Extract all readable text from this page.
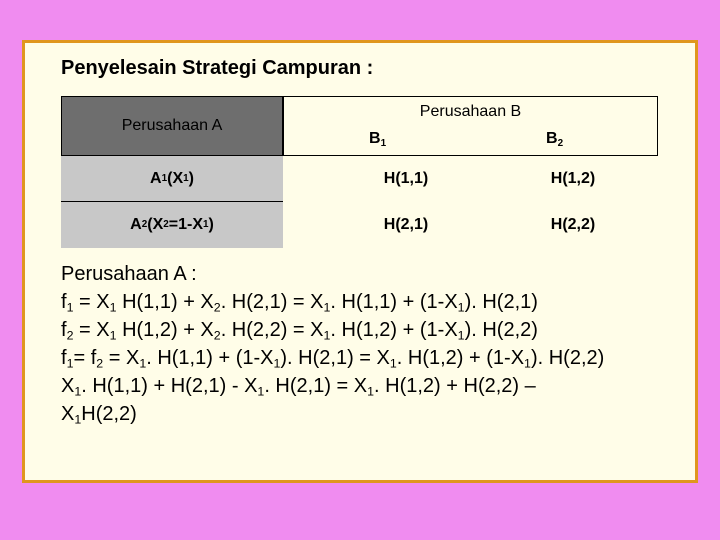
Penyelesain Strategi Campuran :
Perusahaan A
Perusahaan B
$B_1$	$B_2$
A 1 (X 1 )	H(1,1)	H(1,2)
A 2 (X 2 =1-X 1 )	H(2,1)	H(2,2)
Perusahaan A :
$f_1 = X_1$ $H(1,1) + X_2$. $H(2,1) = X_1$. $H(1,1) + (1-X_1)$. H(2,1)
$f_2 = X_1$ $H(1,2) + X_2$. $H(2,2) = X_1$. $H(1,2) + (1-X_1)$. H(2,2)
$f_1= f_2 = X_1$. $H(1,1) + (1-X_1)$. $H(2,1) = X_1$. $H(1,2) + (1-X_1)$. H(2,2)
$X_1$. $H(1,1) + H(2,1) - X_1$. $H(2,1) = X_1$. H(1,2) + H(2,2) –
$X_1H(2,2)$
